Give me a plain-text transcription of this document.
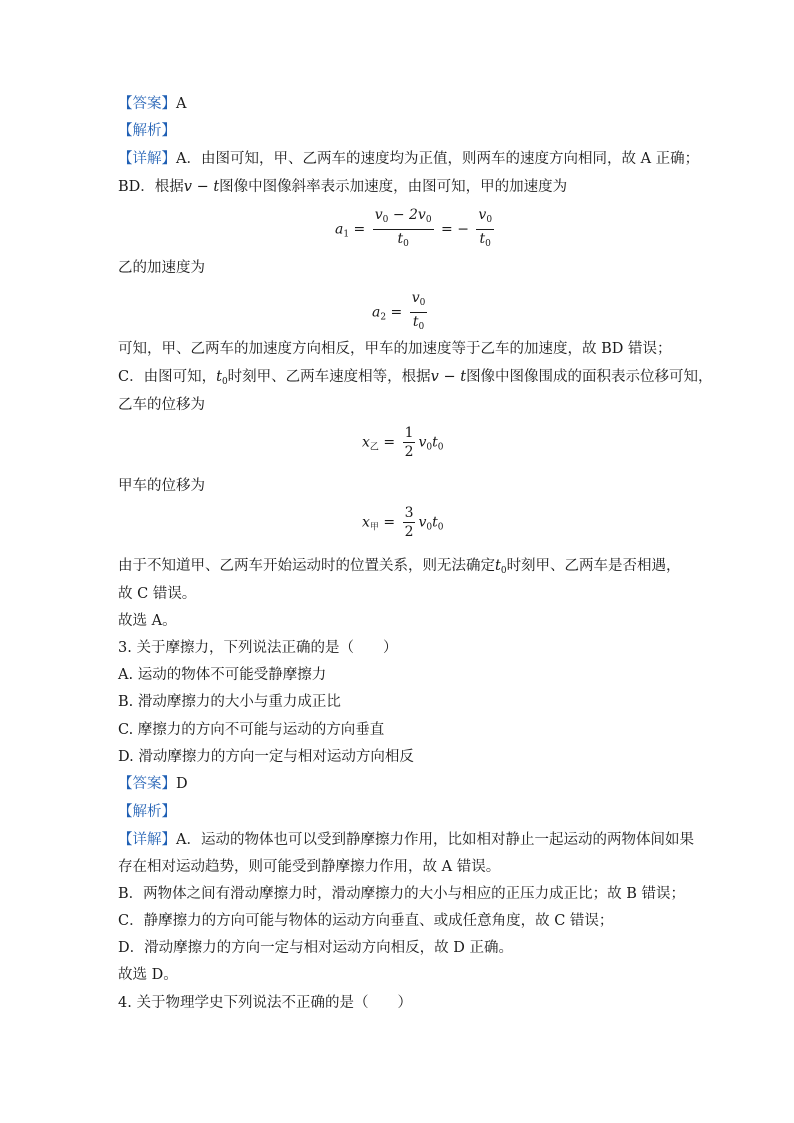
【答案】A
【解析】
【详解】A．由图可知，甲、乙两车的速度均为正值，则两车的速度方向相同，故 A 正确；
BD．根据v − t图像中图像斜率表示加速度，由图可知，甲的加速度为
$a_1 = \frac{v_0 - 2v_0}{t_0}$ = − $\frac{v_0}{t_0}$
乙的加速度为
$a_2 = \frac{v_0}{t_0}$
可知，甲、乙两车的加速度方向相反，甲车的加速度等于乙车的加速度，故 BD 错误；
C．由图可知，$t_0$时刻甲、乙两车速度相等，根据v − t图像中图像围成的面积表示位移可知，
乙车的位移为
$x_乙 = \frac{1}{2} v_0t_0$
甲车的位移为
$x_甲 = \frac{3}{2} v_0t_0$
由于不知道甲、乙两车开始运动时的位置关系，则无法确定$t_0$时刻甲、乙两车是否相遇，
故 C 错误。
故选 A。
3. 关于摩擦力，下列说法正确的是（　　）
A. 运动的物体不可能受静摩擦力
B. 滑动摩擦力的大小与重力成正比
C. 摩擦力的方向不可能与运动的方向垂直
D. 滑动摩擦力的方向一定与相对运动方向相反
【答案】D
【解析】
【详解】A．运动的物体也可以受到静摩擦力作用，比如相对静止一起运动的两物体间如果
存在相对运动趋势，则可能受到静摩擦力作用，故 A 错误。
B．两物体之间有滑动摩擦力时，滑动摩擦力的大小与相应的正压力成正比；故 B 错误；
C．静摩擦力的方向可能与物体的运动方向垂直、或成任意角度，故 C 错误；
D．滑动摩擦力的方向一定与相对运动方向相反，故 D 正确。
故选 D。
4. 关于物理学史下列说法不正确的是（　　）
